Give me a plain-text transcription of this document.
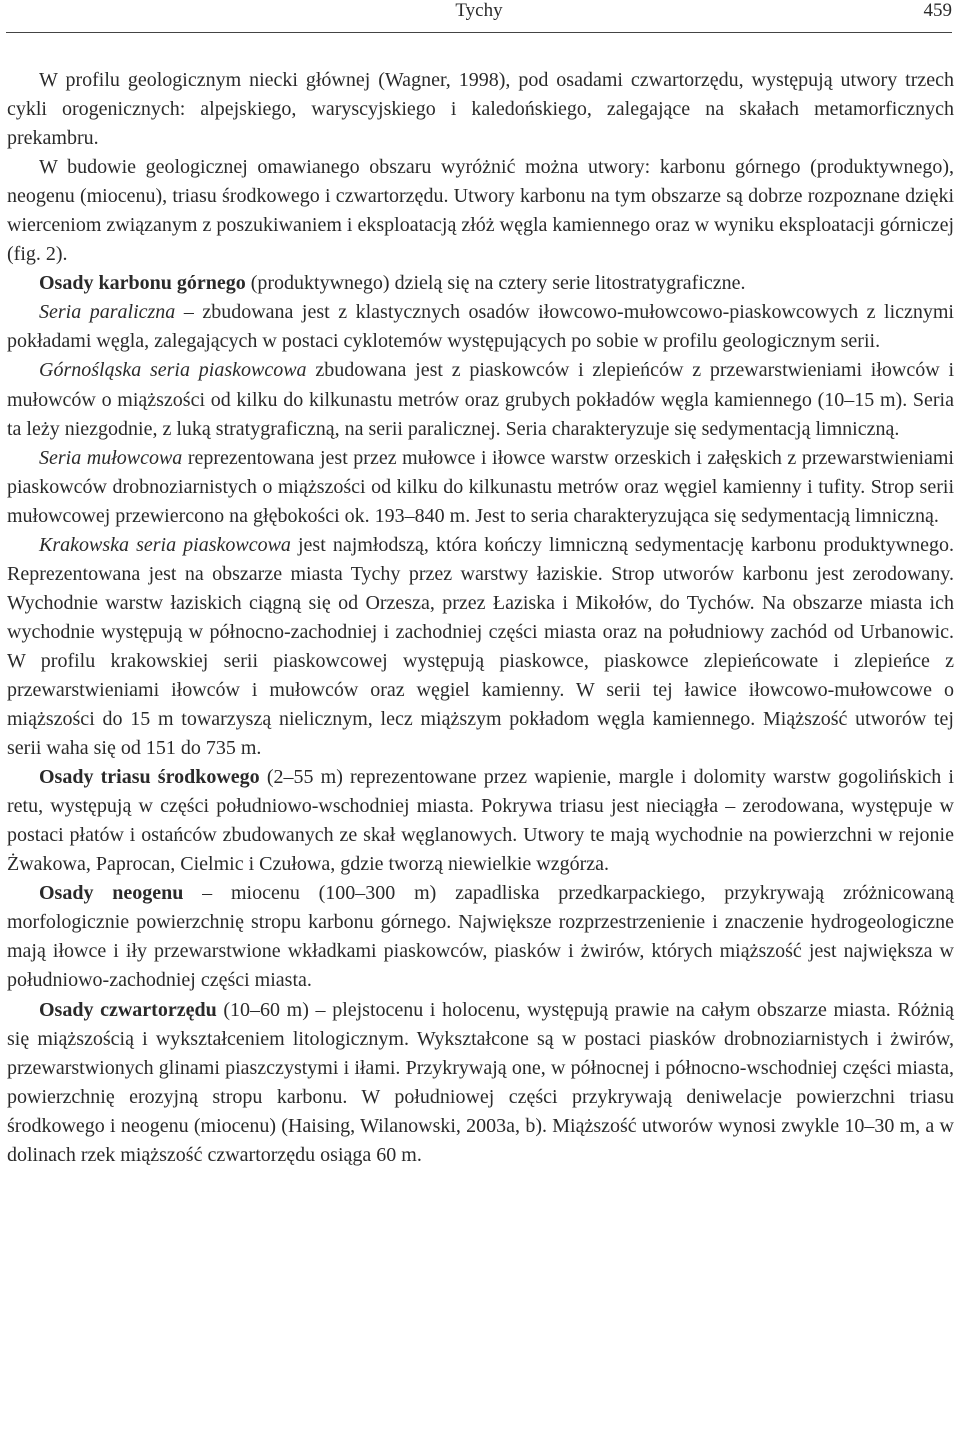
Tychy	459

W profilu geologicznym niecki głównej (Wagner, 1998), pod osadami czwartorzędu, występują utwory trzech cykli orogenicznych: alpejskiego, waryscyjskiego i kaledońskiego, zalegające na skałach metamorficznych prekambru.

W budowie geologicznej omawianego obszaru wyróżnić można utwory: karbonu górnego (produktywnego), neogenu (miocenu), triasu środkowego i czwartorzędu. Utwory karbonu na tym obszarze są dobrze rozpoznane dzięki wierceniom związanym z poszukiwaniem i eksploatacją złóż węgla kamiennego oraz w wyniku eksploatacji górniczej (fig. 2).

Osady karbonu górnego (produktywnego) dzielą się na cztery serie litostratygraficzne.

Seria paraliczna – zbudowana jest z klastycznych osadów iłowcowo-mułowcowo-piaskowcowych z licznymi pokładami węgla, zalegających w postaci cyklotemów występujących po sobie w profilu geologicznym serii.

Górnośląska seria piaskowcowa zbudowana jest z piaskowców i zlepieńców z przewarstwieniami iłowców i mułowców o miąższości od kilku do kilkunastu metrów oraz grubych pokładów węgla kamiennego (10–15 m). Seria ta leży niezgodnie, z luką stratygraficzną, na serii paralicznej. Seria charakteryzuje się sedymentacją limniczną.

Seria mułowcowa reprezentowana jest przez mułowce i iłowce warstw orzeskich i załęskich z przewarstwieniami piaskowców drobnoziarnistych o miąższości od kilku do kilkunastu metrów oraz węgiel kamienny i tufity. Strop serii mułowcowej przewiercono na głębokości ok. 193–840 m. Jest to seria charakteryzująca się sedymentacją limniczną.

Krakowska seria piaskowcowa jest najmłodszą, która kończy limniczną sedymentację karbonu produktywnego. Reprezentowana jest na obszarze miasta Tychy przez warstwy łaziskie. Strop utworów karbonu jest zerodowany. Wychodnie warstw łaziskich ciągną się od Orzesza, przez Łaziska i Mikołów, do Tychów. Na obszarze miasta ich wychodnie występują w północno-zachodniej i zachodniej części miasta oraz na południowy zachód od Urbanowic. W profilu krakowskiej serii piaskowcowej występują piaskowce, piaskowce zlepieńcowate i zlepieńce z przewarstwieniami iłowców i mułowców oraz węgiel kamienny. W serii tej ławice iłowcowo-mułowcowe o miąższości do 15 m towarzyszą nielicznym, lecz miąższym pokładom węgla kamiennego. Miąższość utworów tej serii waha się od 151 do 735 m.

Osady triasu środkowego (2–55 m) reprezentowane przez wapienie, margle i dolomity warstw gogolińskich i retu, występują w części południowo-wschodniej miasta. Pokrywa triasu jest nieciągła – zerodowana, występuje w postaci płatów i ostańców zbudowanych ze skał węglanowych. Utwory te mają wychodnie na powierzchni w rejonie Żwakowa, Paprocan, Cielmic i Czułowa, gdzie tworzą niewielkie wzgórza.

Osady neogenu – miocenu (100–300 m) zapadliska przedkarpackiego, przykrywają zróżnicowaną morfologicznie powierzchnię stropu karbonu górnego. Największe rozprzestrzenienie i znaczenie hydrogeologiczne mają iłowce i iły przewarstwione wkładkami piaskowców, piasków i żwirów, których miąższość jest największa w południowo-zachodniej części miasta.

Osady czwartorzędu (10–60 m) – plejstocenu i holocenu, występują prawie na całym obszarze miasta. Różnią się miąższością i wykształceniem litologicznym. Wykształcone są w postaci piasków drobnoziarnistych i żwirów, przewarstwionych glinami piaszczystymi i iłami. Przykrywają one, w północnej i północno-wschodniej części miasta, powierzchnię erozyjną stropu karbonu. W południowej części przykrywają deniwelacje powierzchni triasu środkowego i neogenu (miocenu) (Haising, Wilanowski, 2003a, b). Miąższość utworów wynosi zwykle 10–30 m, a w dolinach rzek miąższość czwartorzędu osiąga 60 m.
